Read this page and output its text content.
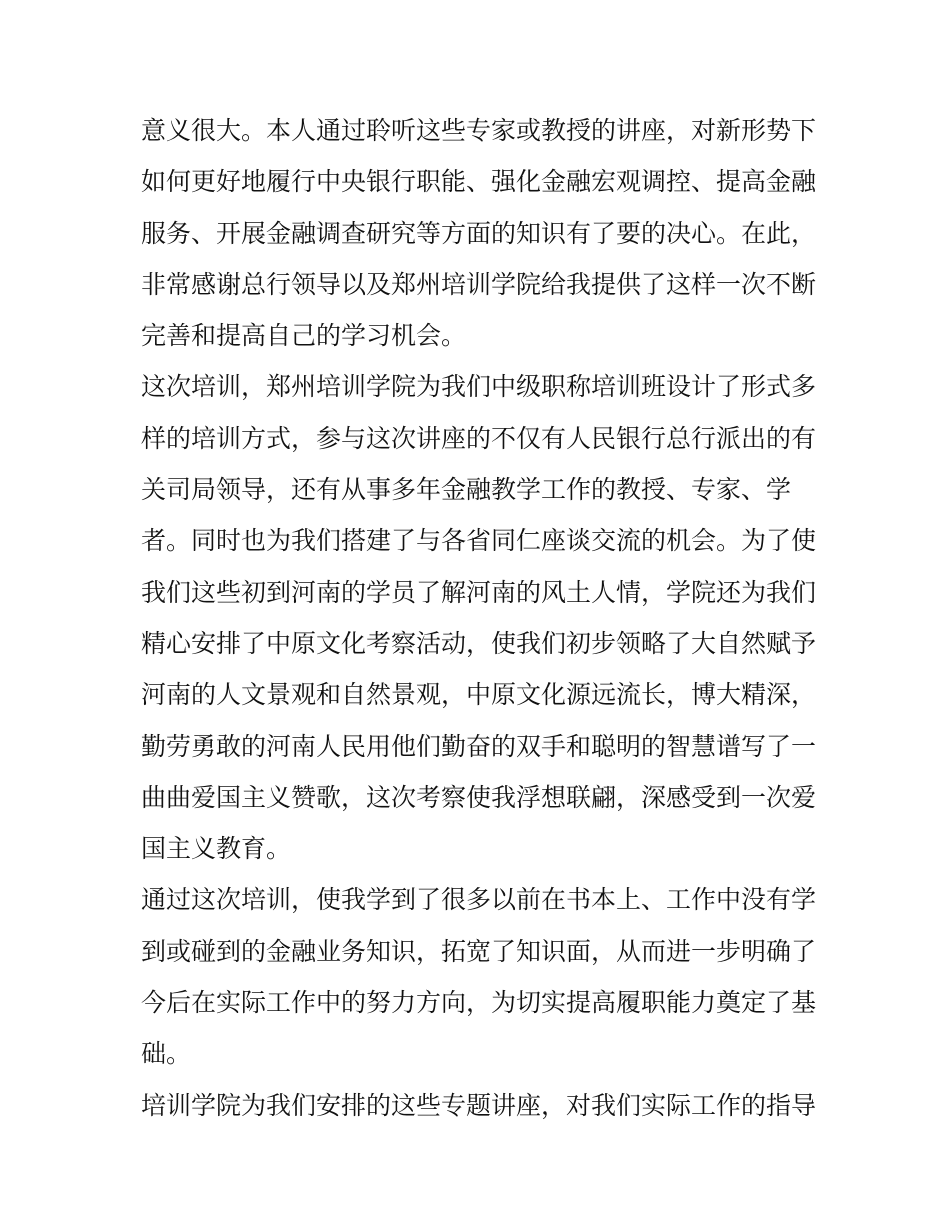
意义很大。本人通过聆听这些专家或教授的讲座，对新形势下
如何更好地履行中央银行职能、强化金融宏观调控、提高金融
服务、开展金融调查研究等方面的知识有了要的决心。在此，
非常感谢总行领导以及郑州培训学院给我提供了这样一次不断
完善和提高自己的学习机会。
这次培训，郑州培训学院为我们中级职称培训班设计了形式多
样的培训方式，参与这次讲座的不仅有人民银行总行派出的有
关司局领导，还有从事多年金融教学工作的教授、专家、学
者。同时也为我们搭建了与各省同仁座谈交流的机会。为了使
我们这些初到河南的学员了解河南的风土人情，学院还为我们
精心安排了中原文化考察活动，使我们初步领略了大自然赋予
河南的人文景观和自然景观，中原文化源远流长，博大精深，
勤劳勇敢的河南人民用他们勤奋的双手和聪明的智慧谱写了一
曲曲爱国主义赞歌，这次考察使我浮想联翩，深感受到一次爱
国主义教育。
通过这次培训，使我学到了很多以前在书本上、工作中没有学
到或碰到的金融业务知识，拓宽了知识面，从而进一步明确了
今后在实际工作中的努力方向，为切实提高履职能力奠定了基
础。
培训学院为我们安排的这些专题讲座，对我们实际工作的指导
